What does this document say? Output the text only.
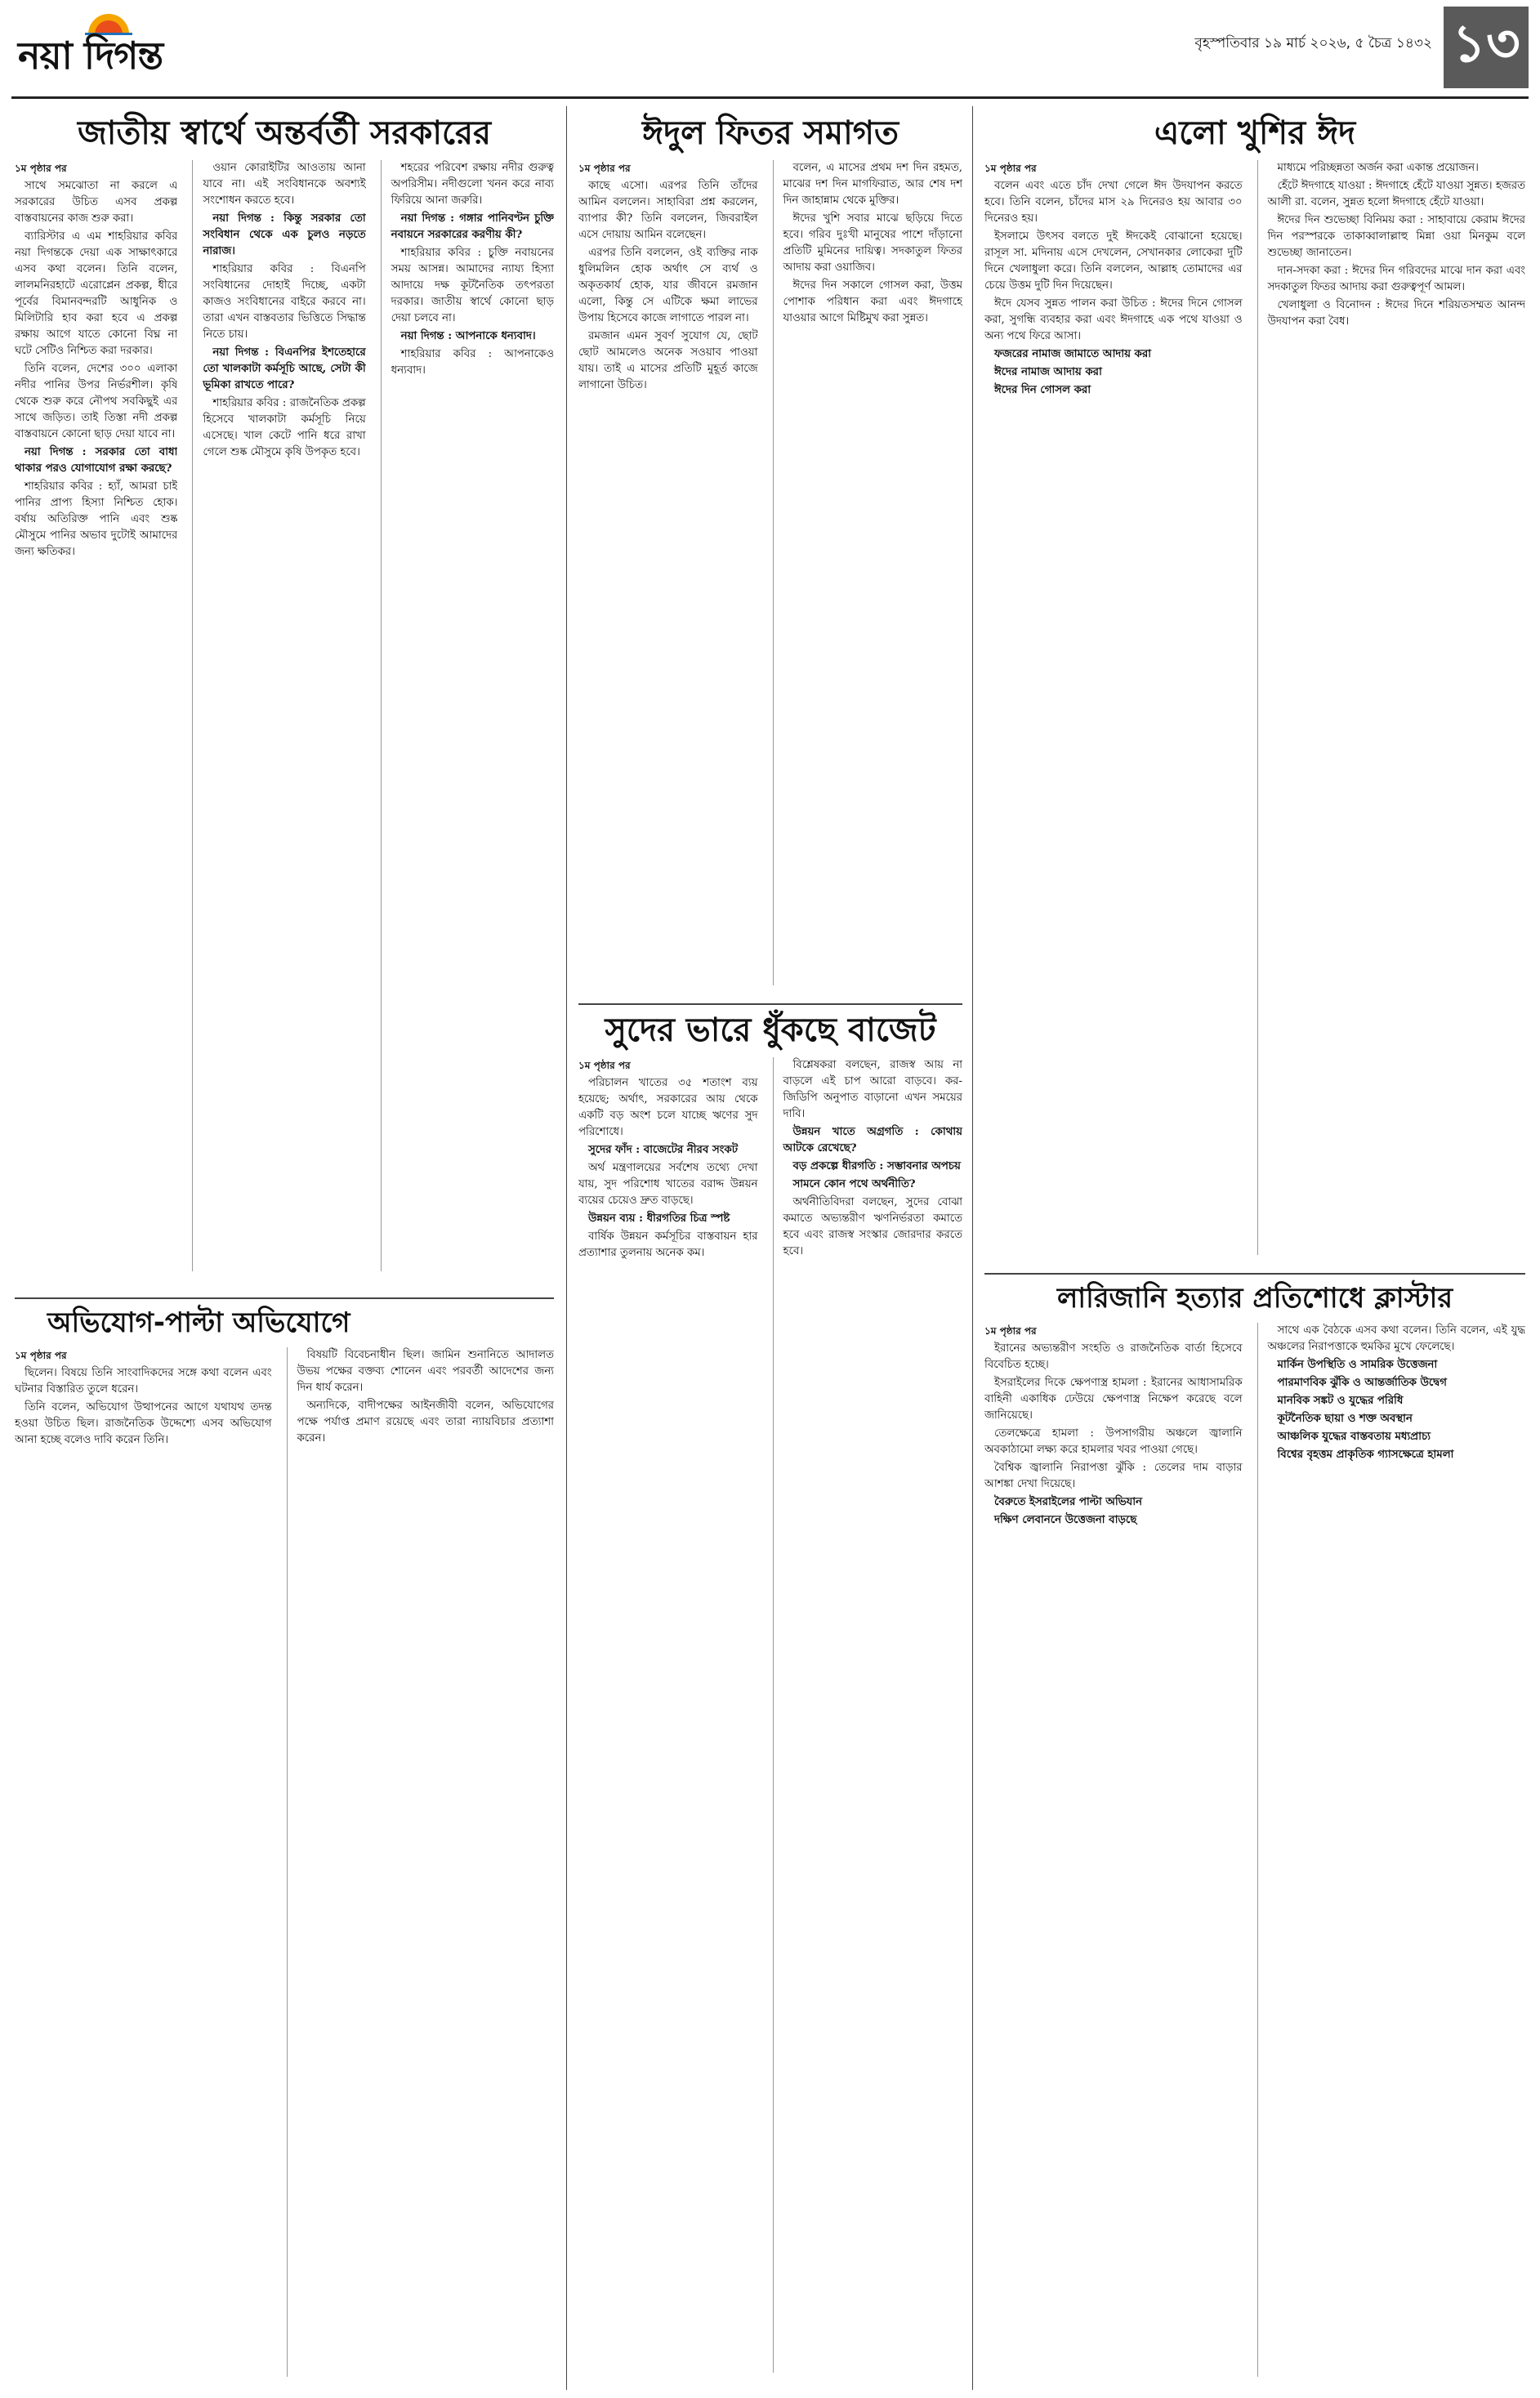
নয়া দিগন্ত	বৃহস্পতিবার ১৯ মার্চ ২০২৬, ৫ চৈত্র ১৪৩২ ১৩
জাতীয় স্বার্থে অন্তর্বর্তী সরকারের
১ম পৃষ্ঠার পর

সাথে সমঝোতা না করলে এ সরকারের উচিত এসব প্রকল্প বাস্তবায়নের কাজ শুরু করা।

ব্যারিস্টার এ এম শাহরিয়ার কবির নয়া দিগন্তকে দেয়া এক সাক্ষাৎকারে এসব কথা বলেন। তিনি বলেন, লালমনিরহাটে এরোপ্লেন প্রকল্প, ধীরে পূর্বের বিমানবন্দরটি আধুনিক ও মিলিটারি হাব করা হবে এ প্রকল্প রক্ষায় আগে যাতে কোনো বিঘ্ন না ঘটে সেটিও নিশ্চিত করা দরকার।

তিনি বলেন, দেশের ৩০০ এলাকা নদীর পানির উপর নির্ভরশীল। কৃষি থেকে শুরু করে নৌপথ সবকিছুই এর সাথে জড়িত। তাই তিস্তা নদী প্রকল্প বাস্তবায়নে কোনো ছাড় দেয়া যাবে না।

নয়া দিগন্ত : সরকার তো বাধা থাকার পরও যোগাযোগ রক্ষা করছে?

শাহরিয়ার কবির : হ্যাঁ, আমরা চাই পানির প্রাপ্য হিস্যা নিশ্চিত হোক। বর্ষায় অতিরিক্ত পানি এবং শুষ্ক মৌসুমে পানির অভাব দুটোই আমাদের জন্য ক্ষতিকর।

ওয়ান কোরাইটির আওতায় আনা যাবে না। এই সংবিধানকে অবশ্যই সংশোধন করতে হবে।

নয়া দিগন্ত : কিন্তু সরকার তো সংবিধান থেকে এক চুলও নড়তে নারাজ।

শাহরিয়ার কবির : বিএনপি সংবিধানের দোহাই দিচ্ছে, একটা কাজও সংবিধানের বাইরে করবে না। তারা এখন বাস্তবতার ভিত্তিতে সিদ্ধান্ত নিতে চায়।

নয়া দিগন্ত : বিএনপির ইশতেহারে তো খালকাটা কর্মসূচি আছে, সেটা কী ভূমিকা রাখতে পারে?

শাহরিয়ার কবির : রাজনৈতিক প্রকল্প হিসেবে খালকাটা কর্মসূচি নিয়ে এসেছে। খাল কেটে পানি ধরে রাখা গেলে শুষ্ক মৌসুমে কৃষি উপকৃত হবে।

শহরের পরিবেশ রক্ষায় নদীর গুরুত্ব অপরিসীম। নদীগুলো খনন করে নাব্য ফিরিয়ে আনা জরুরি।

নয়া দিগন্ত : গঙ্গার পানিবণ্টন চুক্তি নবায়নে সরকারের করণীয় কী?

শাহরিয়ার কবির : চুক্তি নবায়নের সময় আসন্ন। আমাদের ন্যায্য হিস্যা আদায়ে দক্ষ কূটনৈতিক তৎপরতা দরকার। জাতীয় স্বার্থে কোনো ছাড় দেয়া চলবে না।

নয়া দিগন্ত : আপনাকে ধন্যবাদ।

শাহরিয়ার কবির : আপনাকেও ধন্যবাদ।

অভিযোগ-পাল্টা অভিযোগে
১ম পৃষ্ঠার পর

ছিলেন। বিষয়ে তিনি সাংবাদিকদের সঙ্গে কথা বলেন এবং ঘটনার বিস্তারিত তুলে ধরেন।

তিনি বলেন, অভিযোগ উত্থাপনের আগে যথাযথ তদন্ত হওয়া উচিত ছিল। রাজনৈতিক উদ্দেশ্যে এসব অভিযোগ আনা হচ্ছে বলেও দাবি করেন তিনি।

বিষয়টি বিবেচনাধীন ছিল। জামিন শুনানিতে আদালত উভয় পক্ষের বক্তব্য শোনেন এবং পরবর্তী আদেশের জন্য দিন ধার্য করেন।

অন্যদিকে, বাদীপক্ষের আইনজীবী বলেন, অভিযোগের পক্ষে পর্যাপ্ত প্রমাণ রয়েছে এবং তারা ন্যায়বিচার প্রত্যাশা করেন।

ঈদুল ফিতর সমাগত
১ম পৃষ্ঠার পর

কাছে এসো। এরপর তিনি তাঁদের আমিন বললেন। সাহাবিরা প্রশ্ন করলেন, ব্যাপার কী? তিনি বললেন, জিবরাইল এসে দোয়ায় আমিন বলেছেন।

এরপর তিনি বললেন, ওই ব্যক্তির নাক ধুলিমলিন হোক অর্থাৎ সে ব্যর্থ ও অকৃতকার্য হোক, যার জীবনে রমজান এলো, কিন্তু সে এটিকে ক্ষমা লাভের উপায় হিসেবে কাজে লাগাতে পারল না।

রমজান এমন সুবর্ণ সুযোগ যে, ছোট ছোট আমলেও অনেক সওয়াব পাওয়া যায়। তাই এ মাসের প্রতিটি মুহূর্ত কাজে লাগানো উচিত।

বলেন, এ মাসের প্রথম দশ দিন রহমত, মাঝের দশ দিন মাগফিরাত, আর শেষ দশ দিন জাহান্নাম থেকে মুক্তির।

ঈদের খুশি সবার মাঝে ছড়িয়ে দিতে হবে। গরিব দুঃখী মানুষের পাশে দাঁড়ানো প্রতিটি মুমিনের দায়িত্ব। সদকাতুল ফিতর আদায় করা ওয়াজিব।

ঈদের দিন সকালে গোসল করা, উত্তম পোশাক পরিধান করা এবং ঈদগাহে যাওয়ার আগে মিষ্টিমুখ করা সুন্নত।

সুদের ভারে ধুঁকছে বাজেট
১ম পৃষ্ঠার পর

পরিচালন খাতের ৩৫ শতাংশ ব্যয় হয়েছে; অর্থাৎ, সরকারের আয় থেকে একটি বড় অংশ চলে যাচ্ছে ঋণের সুদ পরিশোধে।

সুদের ফাঁদ : বাজেটের নীরব সংকট

অর্থ মন্ত্রণালয়ের সর্বশেষ তথ্যে দেখা যায়, সুদ পরিশোধ খাতের বরাদ্দ উন্নয়ন ব্যয়ের চেয়েও দ্রুত বাড়ছে।

উন্নয়ন ব্যয় : ধীরগতির চিত্র স্পষ্ট

বার্ষিক উন্নয়ন কর্মসূচির বাস্তবায়ন হার প্রত্যাশার তুলনায় অনেক কম।

বিশ্লেষকরা বলছেন, রাজস্ব আয় না বাড়লে এই চাপ আরো বাড়বে। কর-জিডিপি অনুপাত বাড়ানো এখন সময়ের দাবি।

উন্নয়ন খাতে অগ্রগতি : কোথায় আটকে রেখেছে?

বড় প্রকল্পে ধীরগতি : সম্ভাবনার অপচয়

সামনে কোন পথে অর্থনীতি?

অর্থনীতিবিদরা বলছেন, সুদের বোঝা কমাতে অভ্যন্তরীণ ঋণনির্ভরতা কমাতে হবে এবং রাজস্ব সংস্কার জোরদার করতে হবে।

এলো খুশির ঈদ
১ম পৃষ্ঠার পর

বলেন এবং এতে চাঁদ দেখা গেলে ঈদ উদযাপন করতে হবে। তিনি বলেন, চাঁদের মাস ২৯ দিনেরও হয় আবার ৩০ দিনেরও হয়।

ইসলামে উৎসব বলতে দুই ঈদকেই বোঝানো হয়েছে। রাসূল সা. মদিনায় এসে দেখলেন, সেখানকার লোকেরা দুটি দিনে খেলাধুলা করে। তিনি বললেন, আল্লাহ তোমাদের এর চেয়ে উত্তম দুটি দিন দিয়েছেন।

ঈদে যেসব সুন্নত পালন করা উচিত : ঈদের দিনে গোসল করা, সুগন্ধি ব্যবহার করা এবং ঈদগাহে এক পথে যাওয়া ও অন্য পথে ফিরে আসা।

ফজরের নামাজ জামাতে আদায় করা

ঈদের নামাজ আদায় করা

ঈদের দিন গোসল করা

মাধ্যমে পরিচ্ছন্নতা অর্জন করা একান্ত প্রয়োজন।

হেঁটে ঈদগাহে যাওয়া : ঈদগাহে হেঁটে যাওয়া সুন্নত। হজরত আলী রা. বলেন, সুন্নত হলো ঈদগাহে হেঁটে যাওয়া।

ঈদের দিন শুভেচ্ছা বিনিময় করা : সাহাবায়ে কেরাম ঈদের দিন পরস্পরকে তাকাব্বালাল্লাহু মিন্না ওয়া মিনকুম বলে শুভেচ্ছা জানাতেন।

দান-সদকা করা : ঈদের দিন গরিবদের মাঝে দান করা এবং সদকাতুল ফিতর আদায় করা গুরুত্বপূর্ণ আমল।

খেলাধুলা ও বিনোদন : ঈদের দিনে শরিয়তসম্মত আনন্দ উদযাপন করা বৈধ।

লারিজানি হত্যার প্রতিশোধে ক্লাস্টার
১ম পৃষ্ঠার পর

ইরানের অভ্যন্তরীণ সংহতি ও রাজনৈতিক বার্তা হিসেবে বিবেচিত হচ্ছে।

ইসরাইলের দিকে ক্ষেপণাস্ত্র হামলা : ইরানের আধাসামরিক বাহিনী একাধিক ঢেউয়ে ক্ষেপণাস্ত্র নিক্ষেপ করেছে বলে জানিয়েছে।

তেলক্ষেত্রে হামলা : উপসাগরীয় অঞ্চলে জ্বালানি অবকাঠামো লক্ষ্য করে হামলার খবর পাওয়া গেছে।

বৈশ্বিক জ্বালানি নিরাপত্তা ঝুঁকি : তেলের দাম বাড়ার আশঙ্কা দেখা দিয়েছে।

বৈরুতে ইসরাইলের পাল্টা অভিযান

দক্ষিণ লেবাননে উত্তেজনা বাড়ছে

সাথে এক বৈঠকে এসব কথা বলেন। তিনি বলেন, এই যুদ্ধ অঞ্চলের নিরাপত্তাকে হুমকির মুখে ফেলেছে।

মার্কিন উপস্থিতি ও সামরিক উত্তেজনা

পারমাণবিক ঝুঁকি ও আন্তর্জাতিক উদ্বেগ

মানবিক সঙ্কট ও যুদ্ধের পরিধি

কূটনৈতিক ছায়া ও শক্ত অবস্থান

আঞ্চলিক যুদ্ধের বাস্তবতায় মধ্যপ্রাচ্য

বিশ্বের বৃহত্তম প্রাকৃতিক গ্যাসক্ষেত্রে হামলা
